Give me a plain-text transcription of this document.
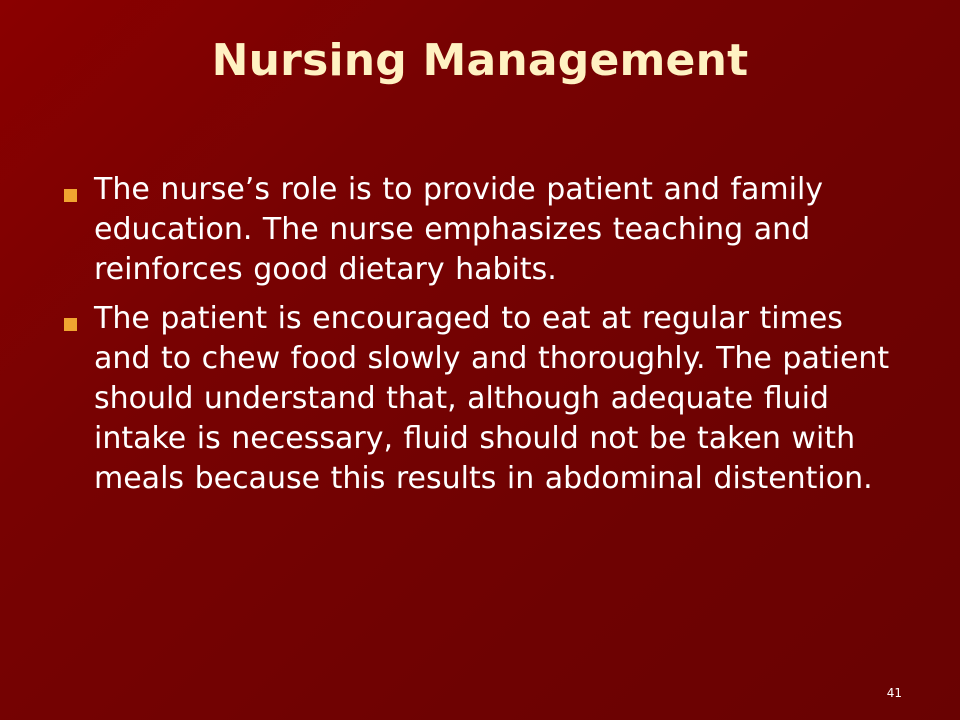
Nursing Management
The nurse’s role is to provide patient and family education. The nurse emphasizes teaching and reinforces good dietary habits.
The patient is encouraged to eat at regular times and to chew food slowly and thoroughly. The patient should understand that, although adequate fluid intake is necessary, fluid should not be taken with meals because this results in abdominal distention.
41
